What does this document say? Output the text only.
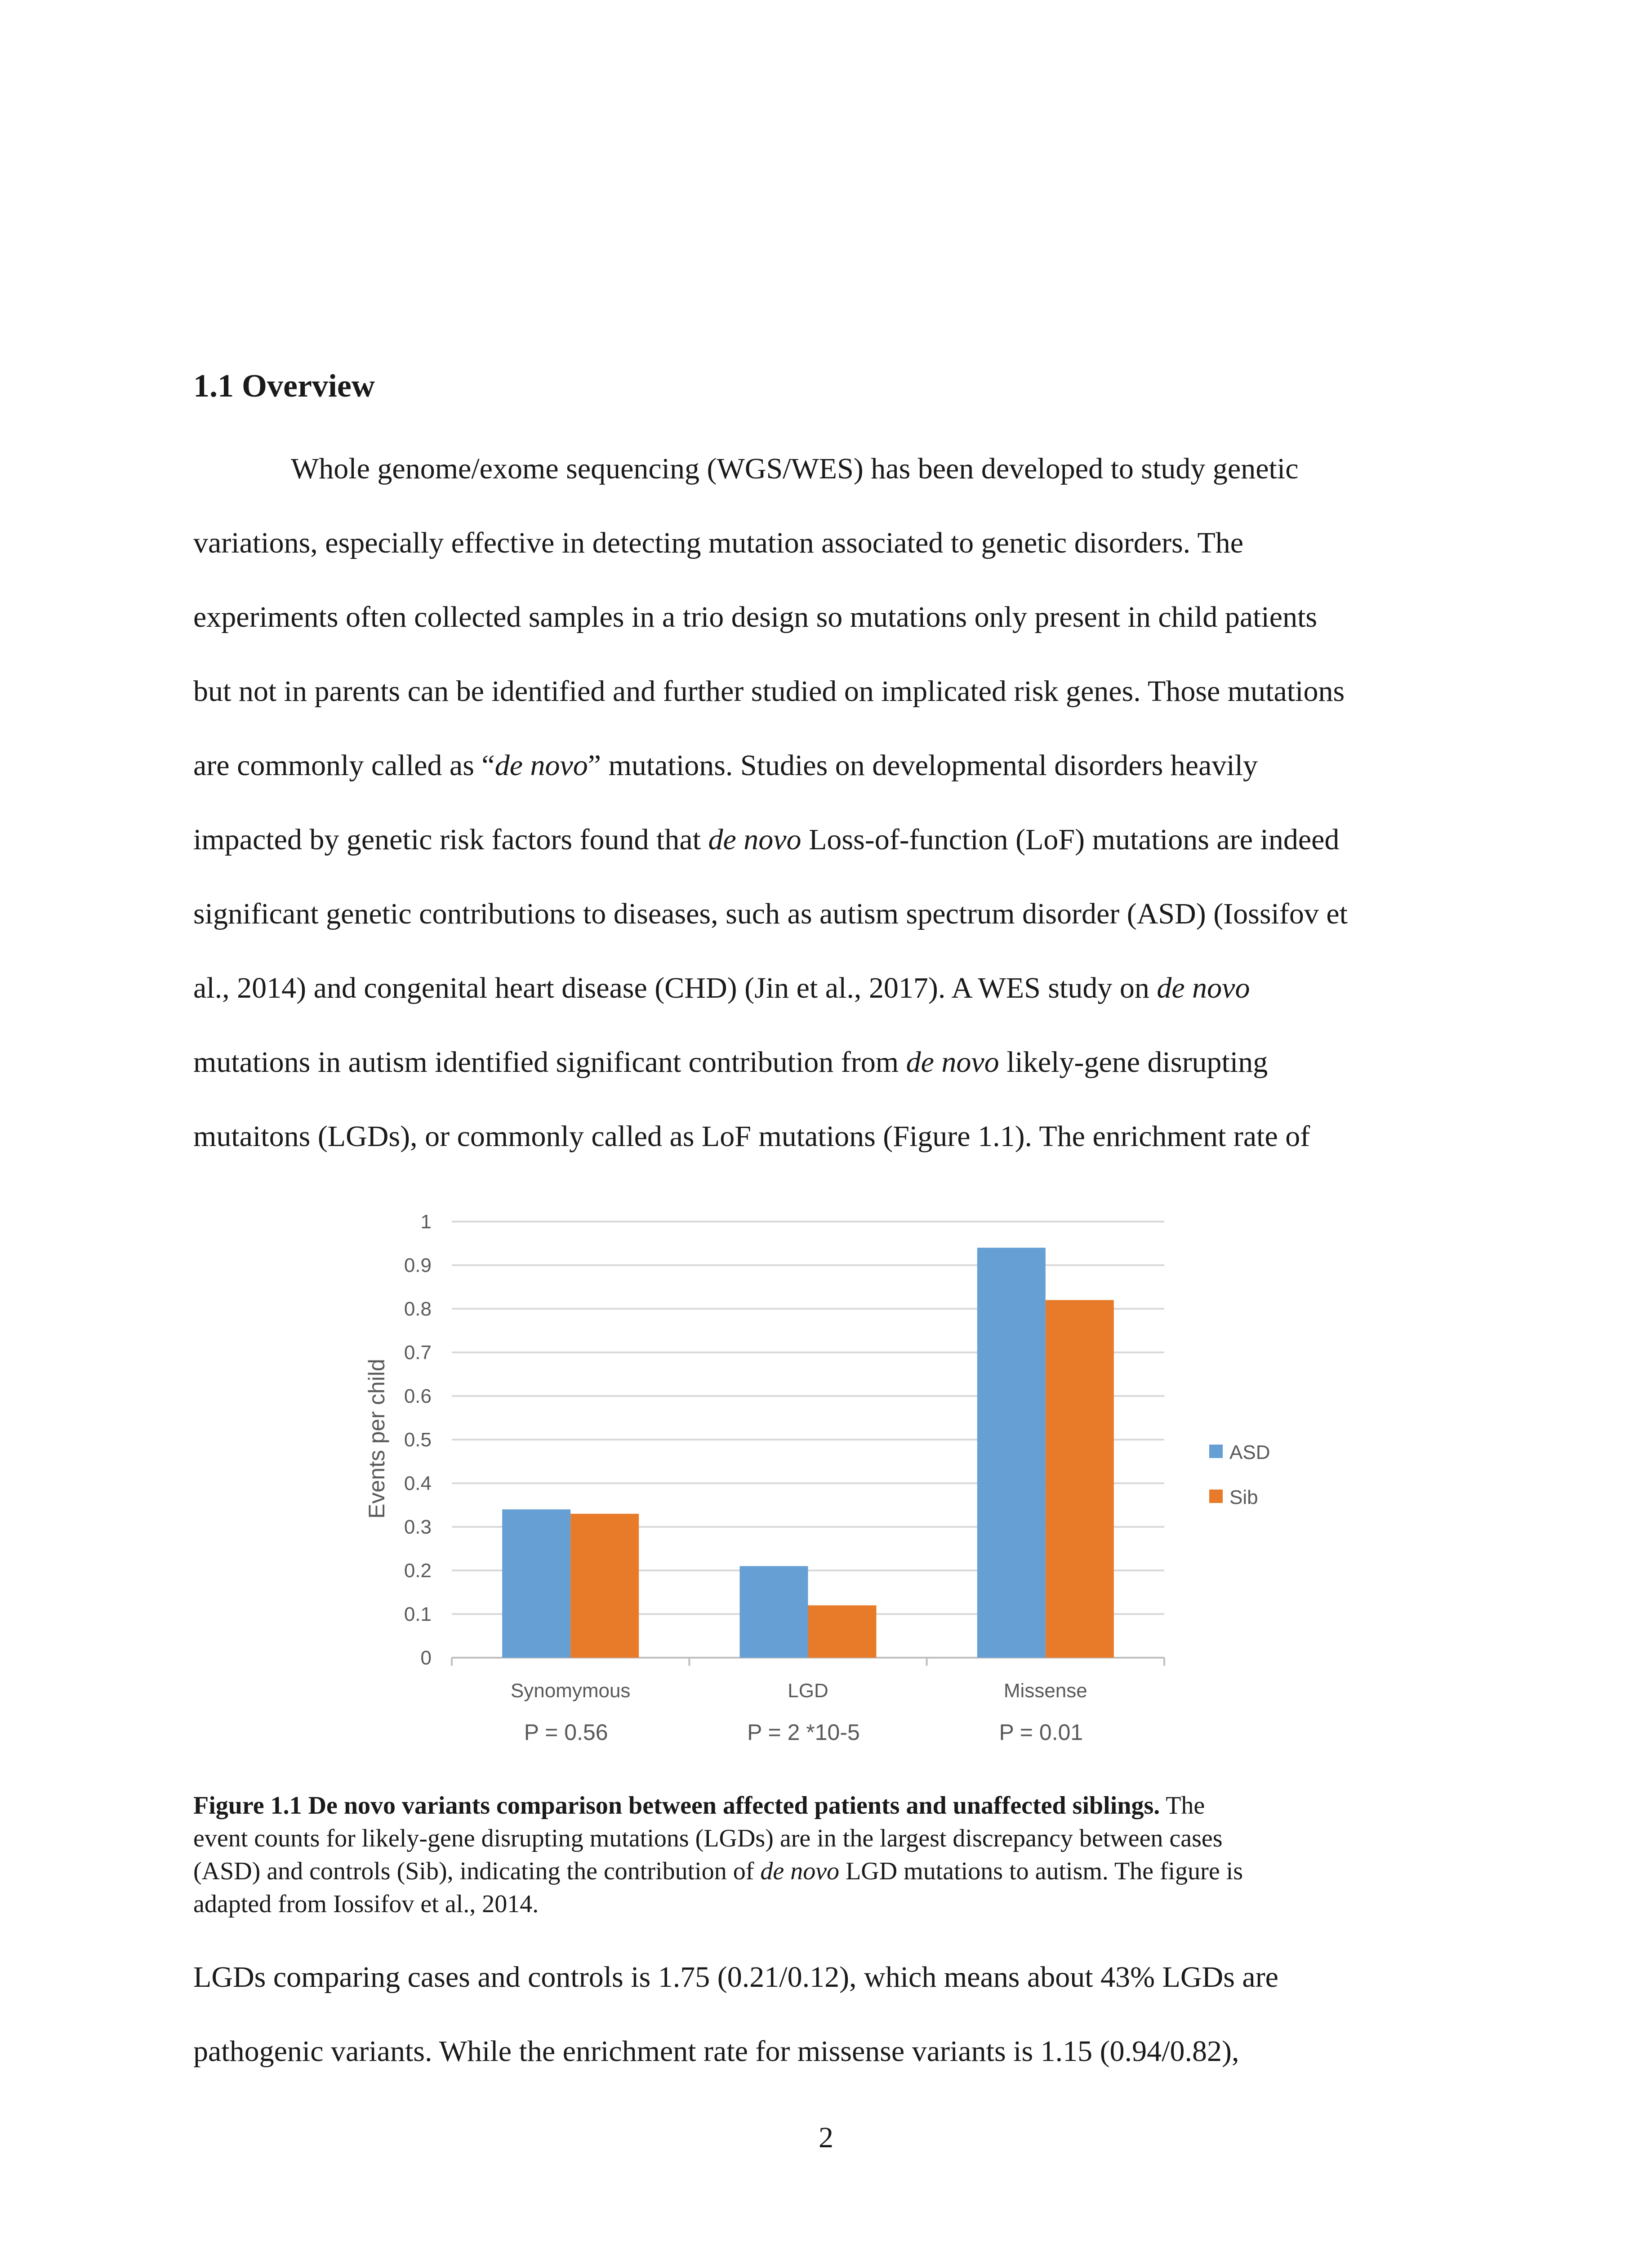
1.1 Overview
Whole genome/exome sequencing (WGS/WES) has been developed to study genetic
variations, especially effective in detecting mutation associated to genetic disorders. The
experiments often collected samples in a trio design so mutations only present in child patients
but not in parents can be identified and further studied on implicated risk genes. Those mutations
are commonly called as “de novo” mutations. Studies on developmental disorders heavily
impacted by genetic risk factors found that de novo Loss-of-function (LoF) mutations are indeed
significant genetic contributions to diseases, such as autism spectrum disorder (ASD) (Iossifov et
al., 2014) and congenital heart disease (CHD) (Jin et al., 2017). A WES study on de novo
mutations in autism identified significant contribution from de novo likely-gene disrupting
mutaitons (LGDs), or commonly called as LoF mutations (Figure 1.1). The enrichment rate of
0
0.1
0.2
0.3
0.4
0.5
0.6
0.7
0.8
0.9
1
Synomymous
P = 0.56
LGD
P = 2 *10-5
Missense
P = 0.01
Events per child	ASD
Sib
Figure 1.1 De novo variants comparison between affected patients and unaffected siblings. The
event counts for likely-gene disrupting mutations (LGDs) are in the largest discrepancy between cases
(ASD) and controls (Sib), indicating the contribution of de novo LGD mutations to autism. The figure is
adapted from Iossifov et al., 2014.
LGDs comparing cases and controls is 1.75 (0.21/0.12), which means about 43% LGDs are
pathogenic variants. While the enrichment rate for missense variants is 1.15 (0.94/0.82),
2
